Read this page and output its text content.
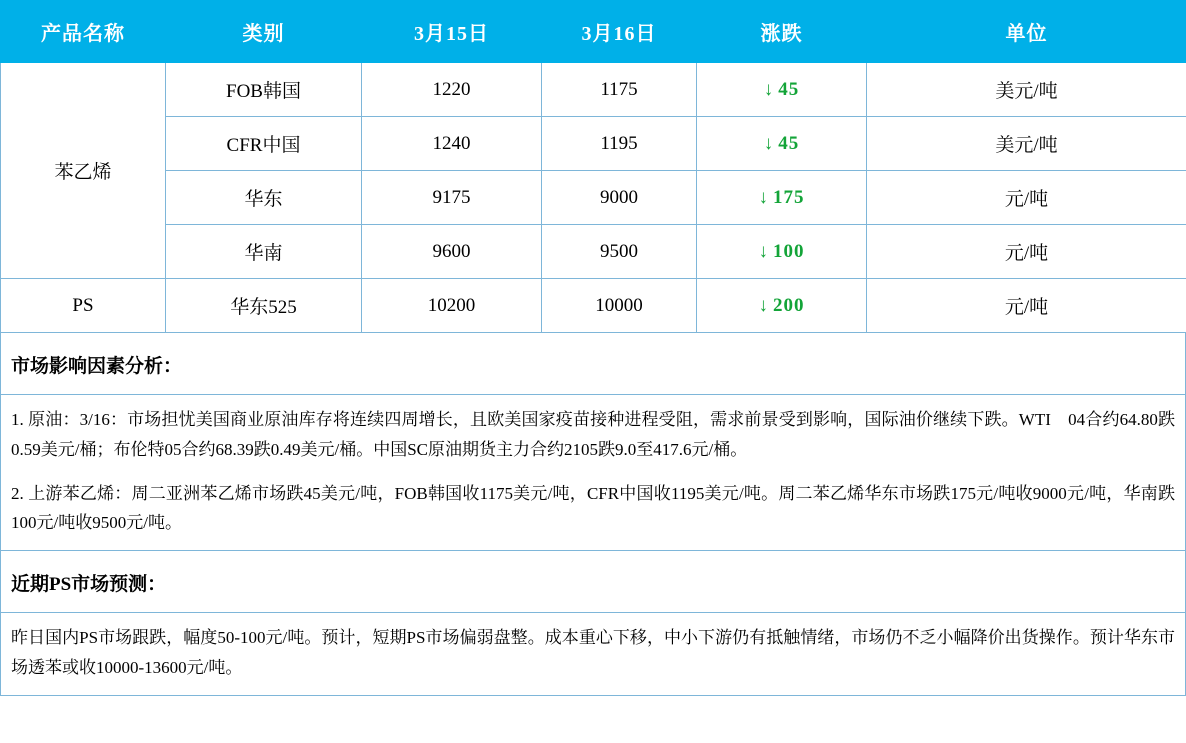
产品名称	类别	3月15日	3月16日	涨跌	单位
苯乙烯	FOB韩国	1220	1175	↓ 45	美元/吨
	CFR中国	1240	1195	↓ 45	美元/吨
	华东	9175	9000	↓ 175	元/吨
	华南	9600	9500	↓ 100	元/吨
PS	华东525	10200	10000	↓ 200	元/吨
市场影响因素分析：

1. 原油：3/16：市场担忧美国商业原油库存将连续四周增长，且欧美国家疫苗接种进程受阻，需求前景受到影响，国际油价继续下跌。WTI　04合约64.80跌0.59美元/桶；布伦特05合约68.39跌0.49美元/桶。中国SC原油期货主力合约2105跌9.0至417.6元/桶。

2. 上游苯乙烯：周二亚洲苯乙烯市场跌45美元/吨，FOB韩国收1175美元/吨，CFR中国收1195美元/吨。周二苯乙烯华东市场跌175元/吨收9000元/吨，华南跌100元/吨收9500元/吨。

近期PS市场预测：

昨日国内PS市场跟跌，幅度50-100元/吨。预计，短期PS市场偏弱盘整。成本重心下移，中小下游仍有抵触情绪，市场仍不乏小幅降价出货操作。预计华东市场透苯或收10000-13600元/吨。
